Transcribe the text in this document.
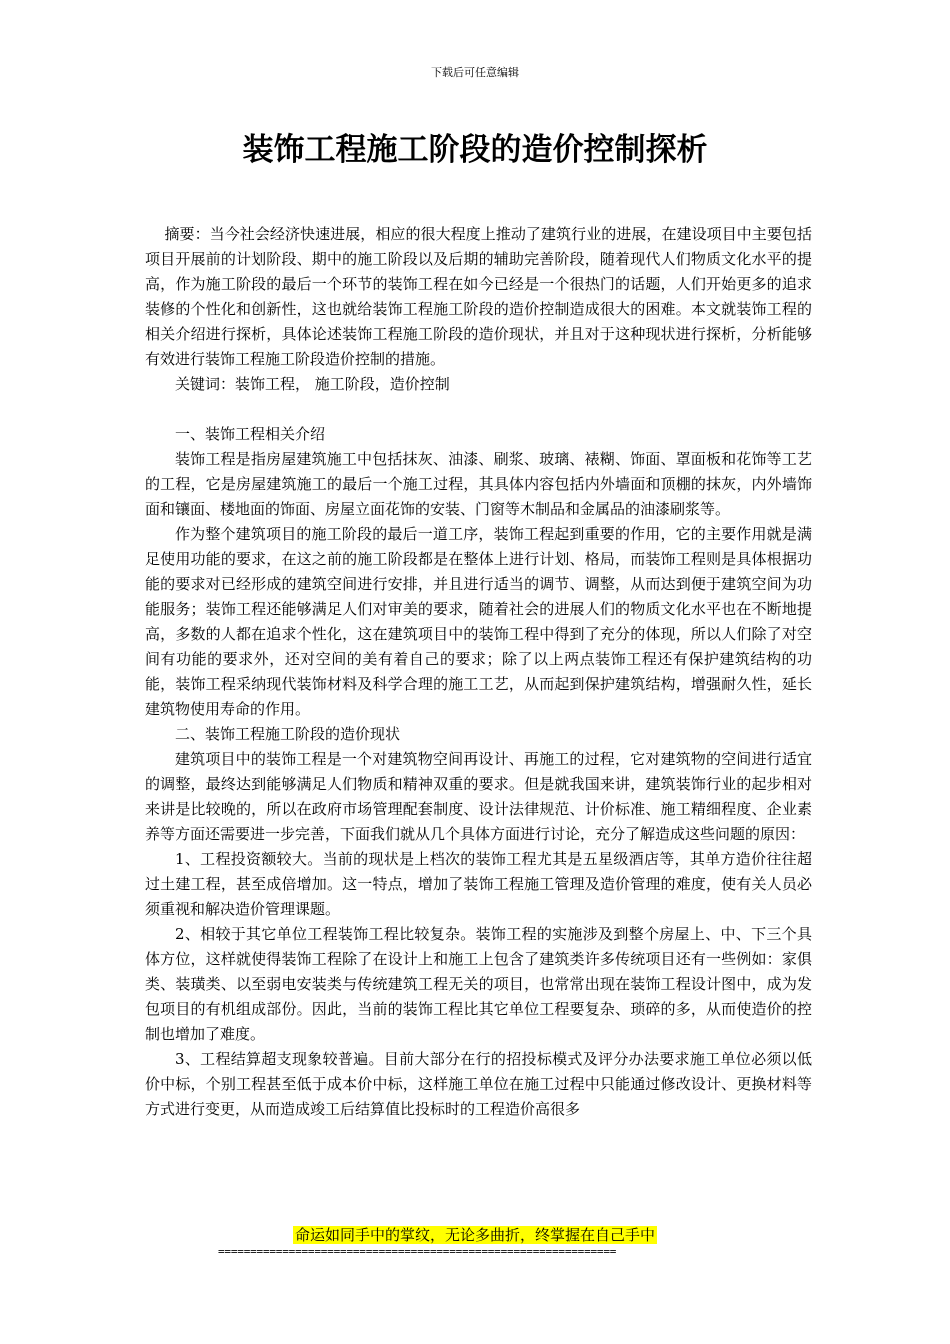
下载后可任意编辑
装饰工程施工阶段的造价控制探析

摘要：当今社会经济快速进展，相应的很大程度上推动了建筑行业的进展，在建设项目中主要包括项目开展前的计划阶段、期中的施工阶段以及后期的辅助完善阶段，随着现代人们物质文化水平的提高，作为施工阶段的最后一个环节的装饰工程在如今已经是一个很热门的话题，人们开始更多的追求装修的个性化和创新性，这也就给装饰工程施工阶段的造价控制造成很大的困难。本文就装饰工程的相关介绍进行探析，具体论述装饰工程施工阶段的造价现状，并且对于这种现状进行探析，分析能够有效进行装饰工程施工阶段造价控制的措施。

关键词：装饰工程， 施工阶段，造价控制

一、装饰工程相关介绍

装饰工程是指房屋建筑施工中包括抹灰、油漆、刷浆、玻璃、裱糊、饰面、罩面板和花饰等工艺的工程，它是房屋建筑施工的最后一个施工过程，其具体内容包括内外墙面和顶棚的抹灰，内外墙饰面和镶面、楼地面的饰面、房屋立面花饰的安装、门窗等木制品和金属品的油漆刷浆等。

作为整个建筑项目的施工阶段的最后一道工序，装饰工程起到重要的作用，它的主要作用就是满足使用功能的要求，在这之前的施工阶段都是在整体上进行计划、格局，而装饰工程则是具体根据功能的要求对已经形成的建筑空间进行安排，并且进行适当的调节、调整，从而达到便于建筑空间为功能服务；装饰工程还能够满足人们对审美的要求，随着社会的进展人们的物质文化水平也在不断地提高，多数的人都在追求个性化，这在建筑项目中的装饰工程中得到了充分的体现，所以人们除了对空间有功能的要求外，还对空间的美有着自己的要求；除了以上两点装饰工程还有保护建筑结构的功能，装饰工程采纳现代装饰材料及科学合理的施工工艺，从而起到保护建筑结构，增强耐久性，延长建筑物使用寿命的作用。

二、装饰工程施工阶段的造价现状

建筑项目中的装饰工程是一个对建筑物空间再设计、再施工的过程，它对建筑物的空间进行适宜的调整，最终达到能够满足人们物质和精神双重的要求。但是就我国来讲，建筑装饰行业的起步相对来讲是比较晚的，所以在政府市场管理配套制度、设计法律规范、计价标准、施工精细程度、企业素养等方面还需要进一步完善，下面我们就从几个具体方面进行讨论，充分了解造成这些问题的原因：

1、工程投资额较大。当前的现状是上档次的装饰工程尤其是五星级酒店等，其单方造价往往超过土建工程，甚至成倍增加。这一特点，增加了装饰工程施工管理及造价管理的难度，使有关人员必须重视和解决造价管理课题。

2、相较于其它单位工程装饰工程比较复杂。装饰工程的实施涉及到整个房屋上、中、下三个具体方位，这样就使得装饰工程除了在设计上和施工上包含了建筑类许多传统项目还有一些例如：家俱类、装璜类、以至弱电安装类与传统建筑工程无关的项目，也常常出现在装饰工程设计图中，成为发包项目的有机组成部份。因此，当前的装饰工程比其它单位工程要复杂、琐碎的多，从而使造价的控制也增加了难度。

3、工程结算超支现象较普遍。目前大部分在行的招投标模式及评分办法要求施工单位必须以低价中标，个别工程甚至低于成本价中标，这样施工单位在施工过程中只能通过修改设计、更换材料等方式进行变更，从而造成竣工后结算值比投标时的工程造价高很多

命运如同手中的掌纹，无论多曲折，终掌握在自己手中
==============================================================
